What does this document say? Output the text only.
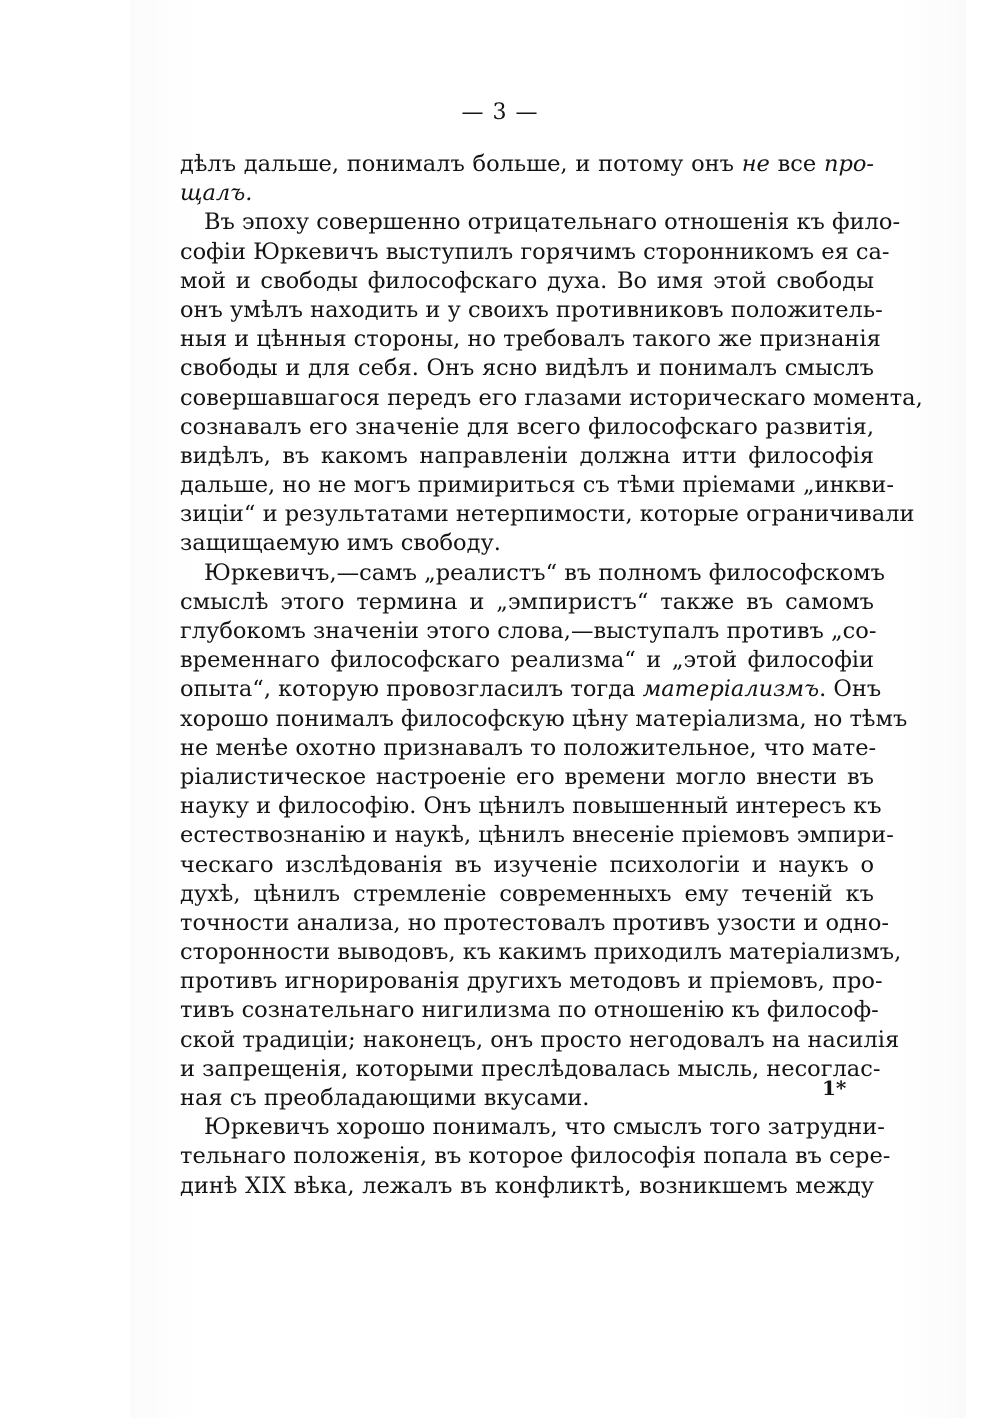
— 3 —
дѣлъ дальше, понималъ больше, и потому онъ не все про-
щалъ.
Въ эпоху совершенно отрицательнаго отношенія къ фило-
софіи Юркевичъ выступилъ горячимъ сторонникомъ ея са-
мой и свободы философскаго духа. Во имя этой свободы
онъ умѣлъ находить и у своихъ противниковъ положитель-
ныя и цѣнныя стороны, но требовалъ такого же признанія
свободы и для себя. Онъ ясно видѣлъ и понималъ смыслъ
совершавшагося передъ его глазами историческаго момента,
сознавалъ его значеніе для всего философскаго развитія,
видѣлъ, въ какомъ направленіи должна итти философія
дальше, но не могъ примириться съ тѣми пріемами „инкви-
зиціи“ и результатами нетерпимости, которые ограничивали
защищаемую имъ свободу.
Юркевичъ,—самъ „реалистъ“ въ полномъ философскомъ
смыслѣ этого термина и „эмпиристъ“ также въ самомъ
глубокомъ значеніи этого слова,—выступалъ противъ „со-
временнаго философскаго реализма“ и „этой философіи
опыта“, которую провозгласилъ тогда матеріализмъ. Онъ
хорошо понималъ философскую цѣну матеріализма, но тѣмъ
не менѣе охотно признавалъ то положительное, что мате-
ріалистическое настроеніе его времени могло внести въ
науку и философію. Онъ цѣнилъ повышенный интересъ къ
естествознанію и наукѣ, цѣнилъ внесеніе пріемовъ эмпири-
ческаго изслѣдованія въ изученіе психологіи и наукъ о
духѣ, цѣнилъ стремленіе современныхъ ему теченій къ
точности анализа, но протестовалъ противъ узости и одно-
сторонности выводовъ, къ какимъ приходилъ матеріализмъ,
противъ игнорированія другихъ методовъ и пріемовъ, про-
тивъ сознательнаго нигилизма по отношенію къ философ-
ской традиціи; наконецъ, онъ просто негодовалъ на насилія
и запрещенія, которыми преслѣдовалась мысль, несоглас-
ная съ преобладающими вкусами.
Юркевичъ хорошо понималъ, что смыслъ того затрудни-
тельнаго положенія, въ которое философія попала въ сере-
динѣ XIX вѣка, лежалъ въ конфликтѣ, возникшемъ между
1*
